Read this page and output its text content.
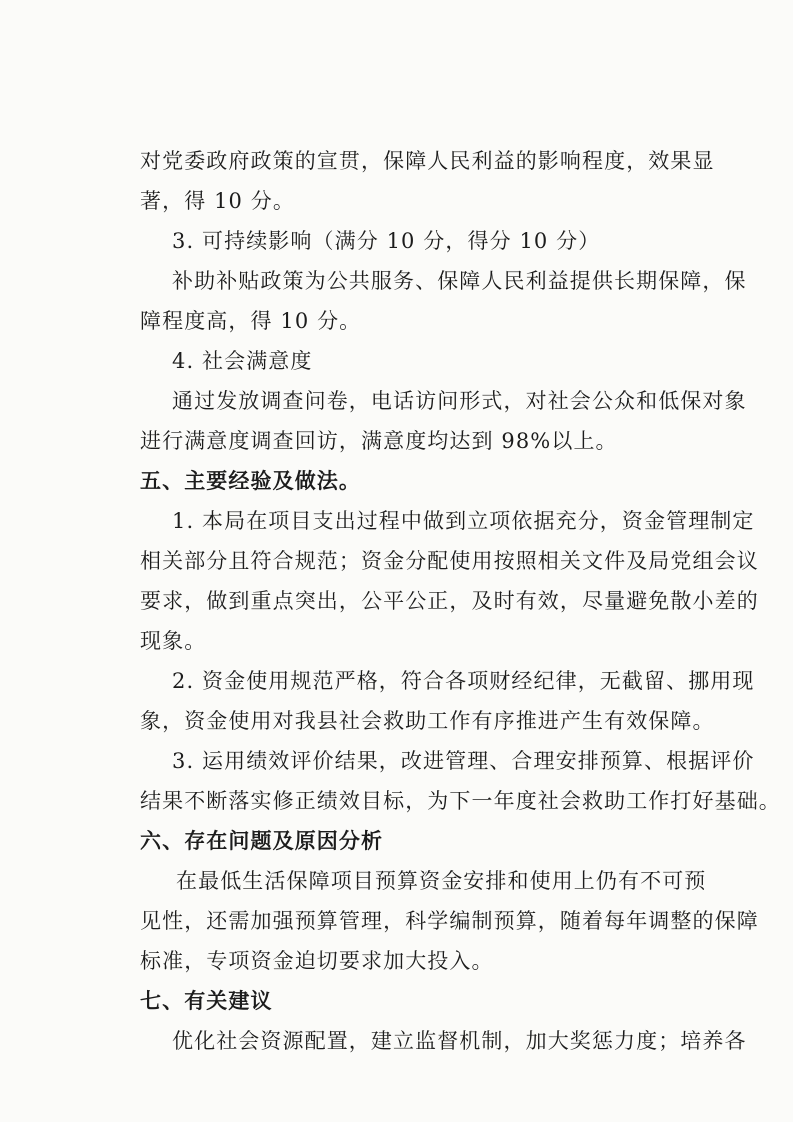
对党委政府政策的宣贯，保障人民利益的影响程度，效果显
著，得 10 分。
3. 可持续影响（满分 10 分，得分 10 分）
补助补贴政策为公共服务、保障人民利益提供长期保障，保
障程度高，得 10 分。
4. 社会满意度
通过发放调查问卷，电话访问形式，对社会公众和低保对象
进行满意度调查回访，满意度均达到 98%以上。
五、主要经验及做法。
1. 本局在项目支出过程中做到立项依据充分，资金管理制定
相关部分且符合规范；资金分配使用按照相关文件及局党组会议
要求，做到重点突出，公平公正，及时有效，尽量避免散小差的
现象。
2. 资金使用规范严格，符合各项财经纪律，无截留、挪用现
象，资金使用对我县社会救助工作有序推进产生有效保障。
3. 运用绩效评价结果，改进管理、合理安排预算、根据评价
结果不断落实修正绩效目标，为下一年度社会救助工作打好基础。
六、存在问题及原因分析
在最低生活保障项目预算资金安排和使用上仍有不可预
见性，还需加强预算管理，科学编制预算，随着每年调整的保障
标准，专项资金迫切要求加大投入。
七、有关建议
优化社会资源配置，建立监督机制，加大奖惩力度；培养各
